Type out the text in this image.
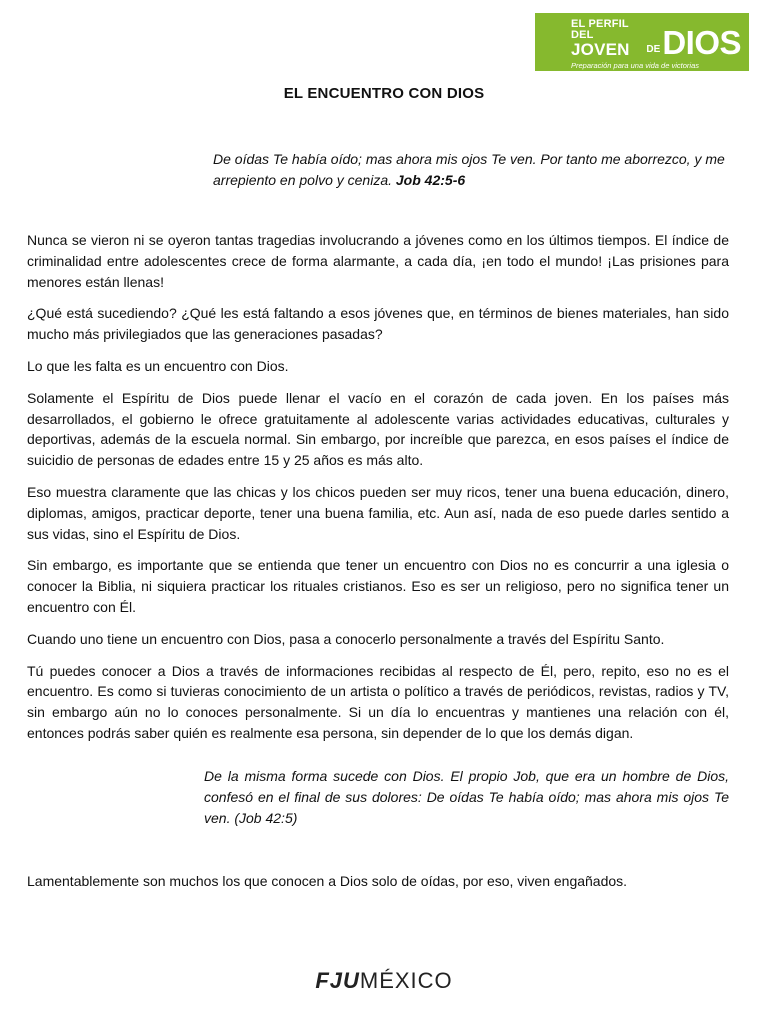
EL PERFIL DEL
JOVEN	DE DIOS
Preparación para una vida de victorias
EL ENCUENTRO CON DIOS
De oídas Te había oído; mas ahora mis ojos Te ven. Por tanto me aborrezco, y me arrepiento en polvo y ceniza. Job 42:5-6

Nunca se vieron ni se oyeron tantas tragedias involucrando a jóvenes como en los últimos tiempos. El índice de criminalidad entre adolescentes crece de forma alarmante, a cada día, ¡en todo el mundo! ¡Las prisiones para menores están llenas!

¿Qué está sucediendo? ¿Qué les está faltando a esos jóvenes que, en términos de bienes materiales, han sido mucho más privilegiados que las generaciones pasadas?

Lo que les falta es un encuentro con Dios.

Solamente el Espíritu de Dios puede llenar el vacío en el corazón de cada joven. En los países más desarrollados, el gobierno le ofrece gratuitamente al adolescente varias actividades educativas, culturales y deportivas, además de la escuela normal. Sin embargo, por increíble que parezca, en esos países el índice de suicidio de personas de edades entre 15 y 25 años es más alto.

Eso muestra claramente que las chicas y los chicos pueden ser muy ricos, tener una buena educación, dinero, diplomas, amigos, practicar deporte, tener una buena familia, etc. Aun así, nada de eso puede darles sentido a sus vidas, sino el Espíritu de Dios.

Sin embargo, es importante que se entienda que tener un encuentro con Dios no es concurrir a una iglesia o conocer la Biblia, ni siquiera practicar los rituales cristianos. Eso es ser un religioso, pero no significa tener un encuentro con Él.

Cuando uno tiene un encuentro con Dios, pasa a conocerlo personalmente a través del Espíritu Santo.

Tú puedes conocer a Dios a través de informaciones recibidas al respecto de Él, pero, repito, eso no es el encuentro. Es como si tuvieras conocimiento de un artista o político a través de periódicos, revistas, radios y TV, sin embargo aún no lo conoces personalmente. Si un día lo encuentras y mantienes una relación con él, entonces podrás saber quién es realmente esa persona, sin depender de lo que los demás digan.

De la misma forma sucede con Dios. El propio Job, que era un hombre de Dios, confesó en el final de sus dolores: De oídas Te había oído; mas ahora mis ojos Te ven. (Job 42:5)
Lamentablemente son muchos los que conocen a Dios solo de oídas, por eso, viven engañados.
FJUMÉXICO
